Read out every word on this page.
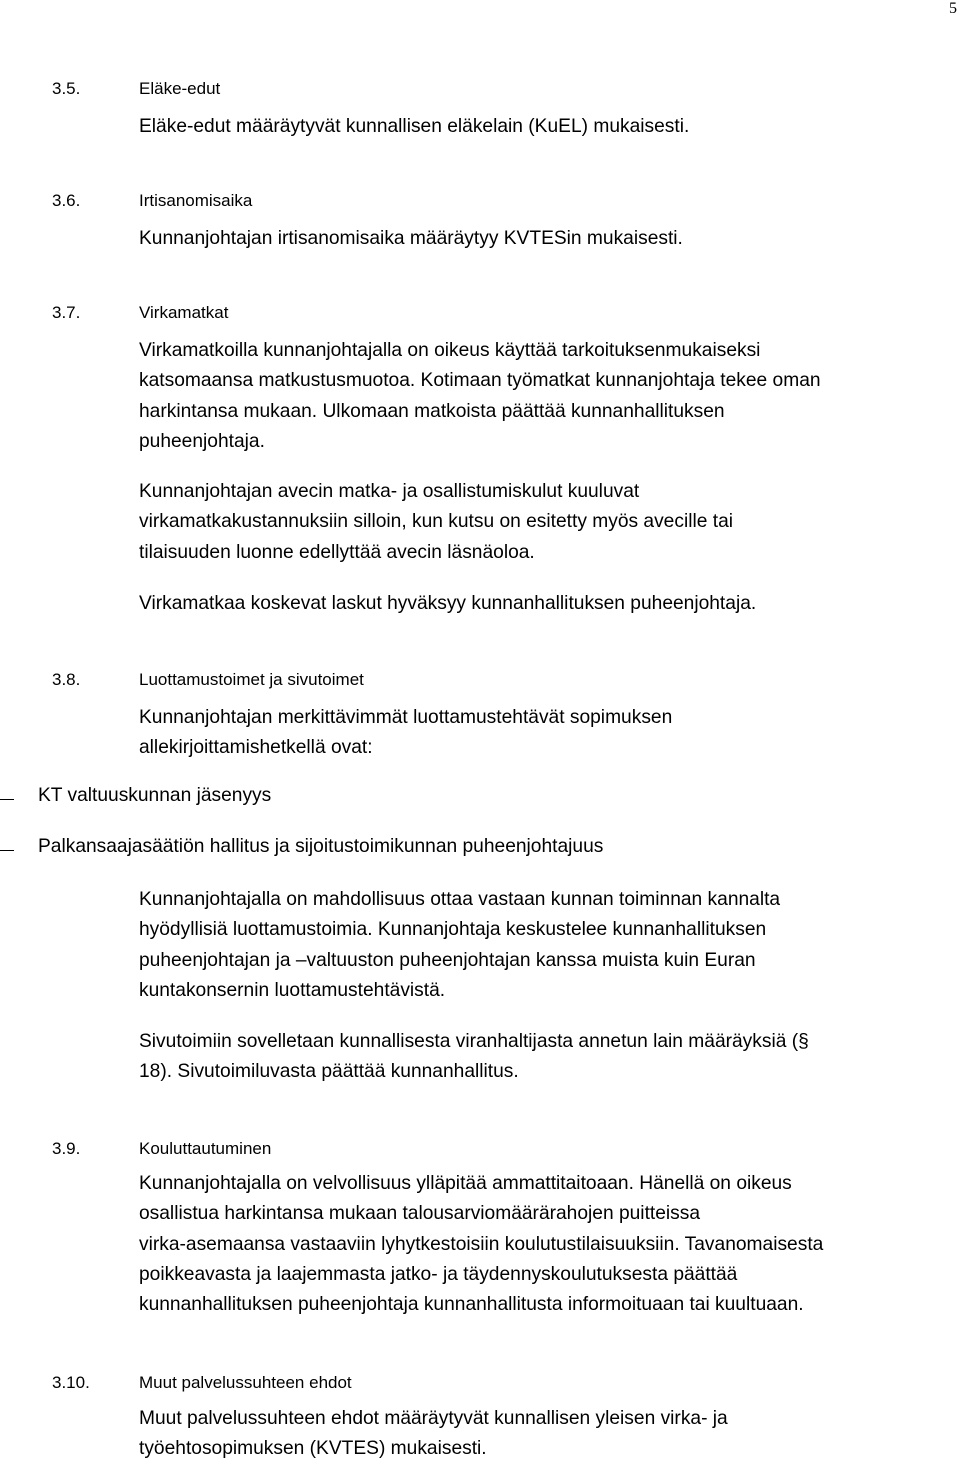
5
3.5.	Eläke-edut
Eläke-edut määräytyvät kunnallisen eläkelain (KuEL) mukaisesti.
3.6.	Irtisanomisaika
Kunnanjohtajan irtisanomisaika määräytyy KVTESin mukaisesti.
3.7.	Virkamatkat
Virkamatkoilla kunnanjohtajalla on oikeus käyttää tarkoituksenmukaiseksi
katsomaansa matkustusmuotoa. Kotimaan työmatkat kunnanjohtaja tekee oman
harkintansa mukaan. Ulkomaan matkoista päättää kunnanhallituksen
puheenjohtaja.
Kunnanjohtajan avecin matka- ja osallistumiskulut kuuluvat
virkamatkakustannuksiin silloin, kun kutsu on esitetty myös avecille tai
tilaisuuden luonne edellyttää avecin läsnäoloa.
Virkamatkaa koskevat laskut hyväksyy kunnanhallituksen puheenjohtaja.
3.8.	Luottamustoimet ja sivutoimet
Kunnanjohtajan merkittävimmät luottamustehtävät sopimuksen
allekirjoittamishetkellä ovat:
KT valtuuskunnan jäsenyys
Palkansaajasäätiön hallitus ja sijoitustoimikunnan puheenjohtajuus
Kunnanjohtajalla on mahdollisuus ottaa vastaan kunnan toiminnan kannalta
hyödyllisiä luottamustoimia. Kunnanjohtaja keskustelee kunnanhallituksen
puheenjohtajan ja –valtuuston puheenjohtajan kanssa muista kuin Euran
kuntakonsernin luottamustehtävistä.
Sivutoimiin sovelletaan kunnallisesta viranhaltijasta annetun lain määräyksiä (§
18). Sivutoimiluvasta päättää kunnanhallitus.
3.9.	Kouluttautuminen
Kunnanjohtajalla on velvollisuus ylläpitää ammattitaitoaan. Hänellä on oikeus
osallistua harkintansa mukaan talousarviomäärärahojen puitteissa
virka-asemaansa vastaaviin lyhytkestoisiin koulutustilaisuuksiin. Tavanomaisesta
poikkeavasta ja laajemmasta jatko- ja täydennyskoulutuksesta päättää
kunnanhallituksen puheenjohtaja kunnanhallitusta informoituaan tai kuultuaan.
3.10.	Muut palvelussuhteen ehdot
Muut palvelussuhteen ehdot määräytyvät kunnallisen yleisen virka- ja
työehtosopimuksen (KVTES) mukaisesti.
